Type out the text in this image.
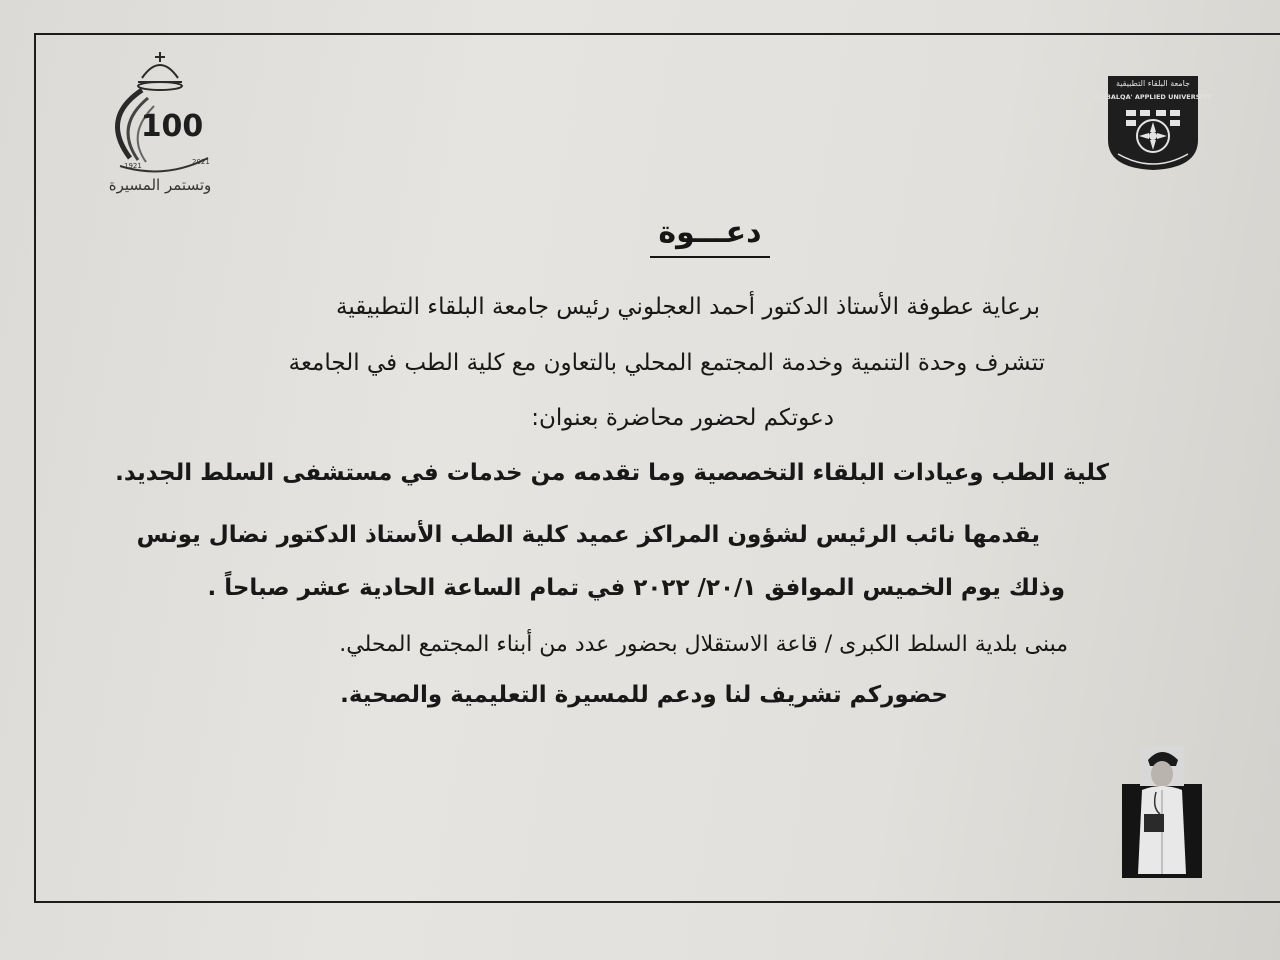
100
1921	2021
وتستمر المسيرة
جامعة البلقاء التطبيقية
AL-BALQA' APPLIED UNIVERSITY
دعـــوة
برعاية عطوفة الأستاذ الدكتور أحمد العجلوني رئيس جامعة البلقاء التطبيقية
تتشرف وحدة التنمية وخدمة المجتمع المحلي بالتعاون مع كلية الطب في الجامعة
دعوتكم لحضور محاضرة بعنوان:
كلية الطب وعيادات البلقاء التخصصية وما تقدمه من خدمات في مستشفى السلط الجديد.
يقدمها نائب الرئيس لشؤون المراكز عميد كلية الطب الأستاذ الدكتور نضال يونس
وذلك يوم الخميس الموافق ٢٠/١/ ٢٠٢٢ في تمام الساعة الحادية عشر صباحاً .
مبنى بلدية السلط الكبرى / قاعة الاستقلال بحضور عدد من أبناء المجتمع المحلي.
حضوركم تشريف لنا ودعم للمسيرة التعليمية والصحية.
